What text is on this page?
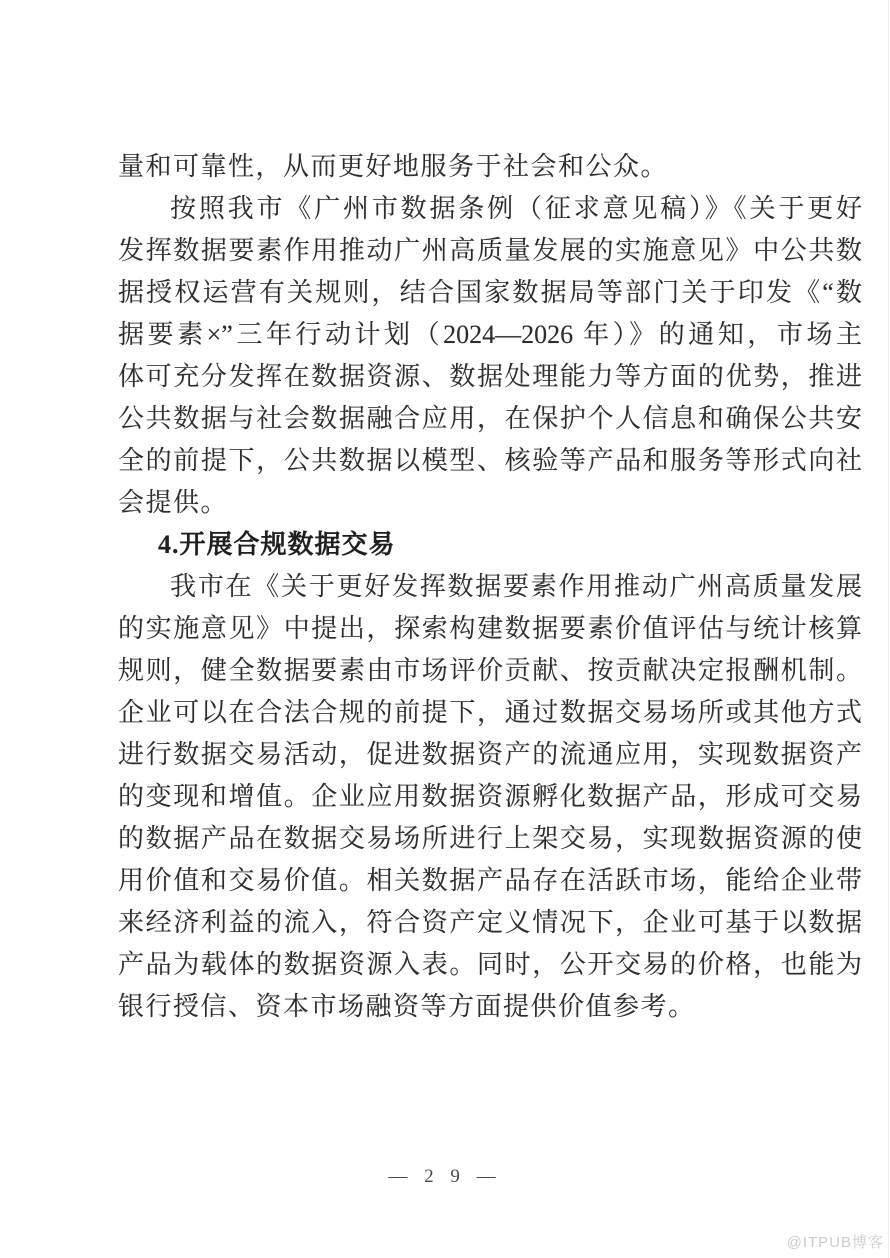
量和可靠性，从而更好地服务于社会和公众。
按照我市《广州市数据条例（征求意见稿）》《关于更好
发挥数据要素作用推动广州高质量发展的实施意见》中公共数
据授权运营有关规则，结合国家数据局等部门关于印发《“数
据要素×”三年行动计划（2024—2026 年）》的通知，市场主
体可充分发挥在数据资源、数据处理能力等方面的优势，推进
公共数据与社会数据融合应用，在保护个人信息和确保公共安
全的前提下，公共数据以模型、核验等产品和服务等形式向社
会提供。
4.开展合规数据交易
我市在《关于更好发挥数据要素作用推动广州高质量发展
的实施意见》中提出，探索构建数据要素价值评估与统计核算
规则，健全数据要素由市场评价贡献、按贡献决定报酬机制。
企业可以在合法合规的前提下，通过数据交易场所或其他方式
进行数据交易活动，促进数据资产的流通应用，实现数据资产
的变现和增值。企业应用数据资源孵化数据产品，形成可交易
的数据产品在数据交易场所进行上架交易，实现数据资源的使
用价值和交易价值。相关数据产品存在活跃市场，能给企业带
来经济利益的流入，符合资产定义情况下，企业可基于以数据
产品为载体的数据资源入表。同时，公开交易的价格，也能为
银行授信、资本市场融资等方面提供价值参考。
— 2 9 —
@ITPUB博客
